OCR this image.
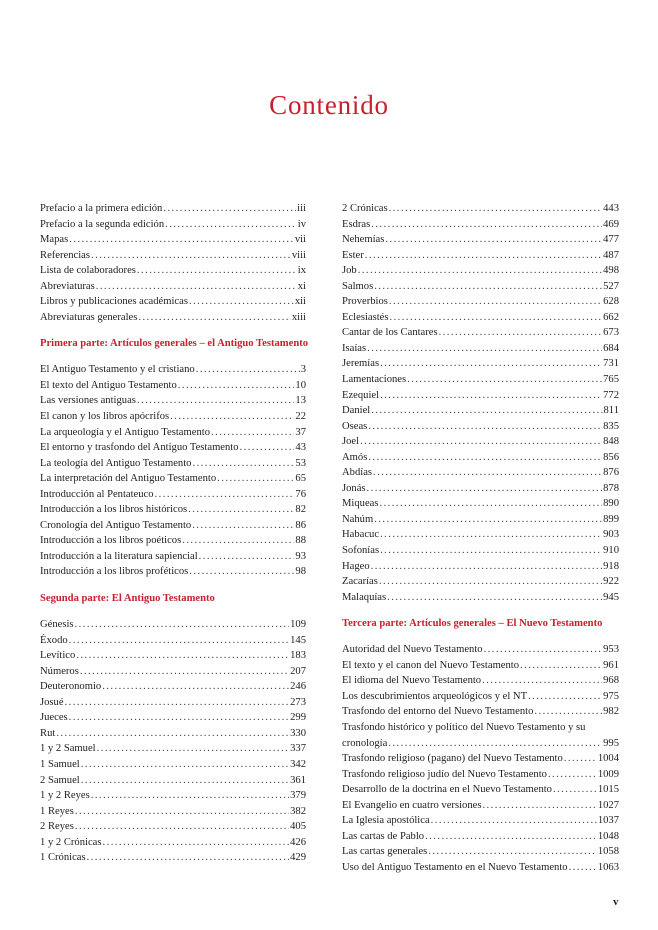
Contenido
Prefacio a la primera edición . . .	iii
Prefacio a la segunda edición . . .	iv
Mapas . . .	vii
Referencias . . .	viii
Lista de colaboradores . . .	ix
Abreviaturas . . .	xi
Libros y publicaciones académicas . . .	xii
Abreviaturas generales . . .	xiii
Primera parte: Artículos generales – el Antiguo Testamento
El Antiguo Testamento y el cristiano . . .	3
El texto del Antiguo Testamento . . .	10
Las versiones antiguas . . .	13
El canon y los libros apócrifos . . .	22
La arqueología y el Antiguo Testamento . . .	37
El entorno y trasfondo del Antiguo Testamento . . .	43
La teología del Antiguo Testamento . . .	53
La interpretación del Antiguo Testamento . . .	65
Introducción al Pentateuco . . .	76
Introducción a los libros históricos . . .	82
Cronología del Antiguo Testamento . . .	86
Introducción a los libros poéticos . . .	88
Introducción a la literatura sapiencial . . .	93
Introducción a los libros proféticos . . .	98
Segunda parte: El Antiguo Testamento
Génesis . . .	109
Éxodo . . .	145
Levítico . . .	183
Números . . .	207
Deuteronomio . . .	246
Josué . . .	273
Jueces . . .	299
Rut . . .	330
1 y 2 Samuel . . .	337
1 Samuel . . .	342
2 Samuel . . .	361
1 y 2 Reyes . . .	379
1 Reyes . . .	382
2 Reyes . . .	405
1 y 2 Crónicas . . .	426
1 Crónicas . . .	429
2 Crónicas . . .	443
Esdras . . .	469
Nehemías . . .	477
Ester . . .	487
Job . . .	498
Salmos . . .	527
Proverbios . . .	628
Eclesiastés . . .	662
Cantar de los Cantares . . .	673
Isaías . . .	684
Jeremías . . .	731
Lamentaciones . . .	765
Ezequiel . . .	772
Daniel . . .	811
Oseas . . .	835
Joel . . .	848
Amós . . .	856
Abdías . . .	876
Jonás . . .	878
Miqueas . . .	890
Nahúm . . .	899
Habacuc . . .	903
Sofonías . . .	910
Hageo . . .	918
Zacarías . . .	922
Malaquías . . .	945
Tercera parte: Artículos generales – El Nuevo Testamento
Autoridad del Nuevo Testamento . . .	953
El texto y el canon del Nuevo Testamento . . .	961
El idioma del Nuevo Testamento . . .	968
Los descubrimientos arqueológicos y el NT . . .	975
Trasfondo del entorno del Nuevo Testamento . . .	982
Trasfondo histórico y político del Nuevo Testamento y su
cronología . . .	995
Trasfondo religioso (pagano) del Nuevo Testamento . . .	1004
Trasfondo religioso judío del Nuevo Testamento . . .	1009
Desarrollo de la doctrina en el Nuevo Testamento . . .	1015
El Evangelio en cuatro versiones . . .	1027
La Iglesia apostólica . . .	1037
Las cartas de Pablo . . .	1048
Las cartas generales . . .	1058
Uso del Antiguo Testamento en el Nuevo Testamento . . .	1063
v
